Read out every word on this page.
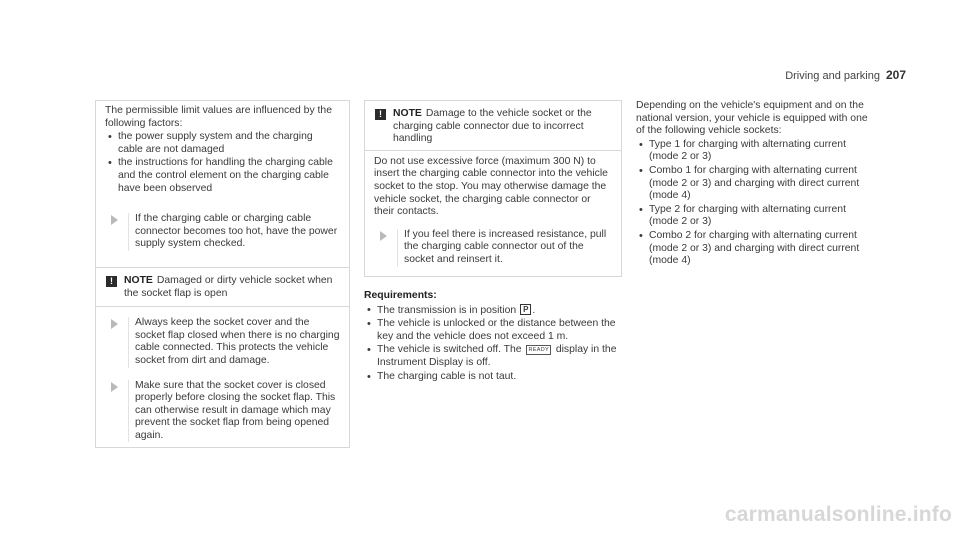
Driving and parking 207

The permissible limit values are influenced by the following factors:

• the power supply system and the charging cable are not damaged
• the instructions for handling the charging cable and the control element on the charging cable have been observed
If the charging cable or charging cable connector becomes too hot, have the power supply system checked.
!	NOTE Damaged or dirty vehicle socket when the socket flap is open
Always keep the socket cover and the socket flap closed when there is no charging cable connected. This protects the vehicle socket from dirt and damage.
Make sure that the socket cover is closed properly before closing the socket flap. This can otherwise result in damage which may prevent the socket flap from being opened again.
!	NOTE Damage to the vehicle socket or the charging cable connector due to incorrect handling

Do not use excessive force (maximum 300 N) to insert the charging cable connector into the vehicle socket to the stop. You may otherwise damage the vehicle socket, the charging cable connector or their contacts.

If you feel there is increased resistance, pull the charging cable connector out of the socket and reinsert it.
Requirements:
• The transmission is in position P .
• The vehicle is unlocked or the distance between the key and the vehicle does not exceed 1 m.
• The vehicle is switched off. The READY display in the Instrument Display is off.
• The charging cable is not taut.

Depending on the vehicle's equipment and on the national version, your vehicle is equipped with one of the following vehicle sockets:

• Type 1 for charging with alternating current (mode 2 or 3)
• Combo 1 for charging with alternating current (mode 2 or 3) and charging with direct current (mode 4)
• Type 2 for charging with alternating current (mode 2 or 3)
• Combo 2 for charging with alternating current (mode 2 or 3) and charging with direct current (mode 4)
carmanualsonline.info
